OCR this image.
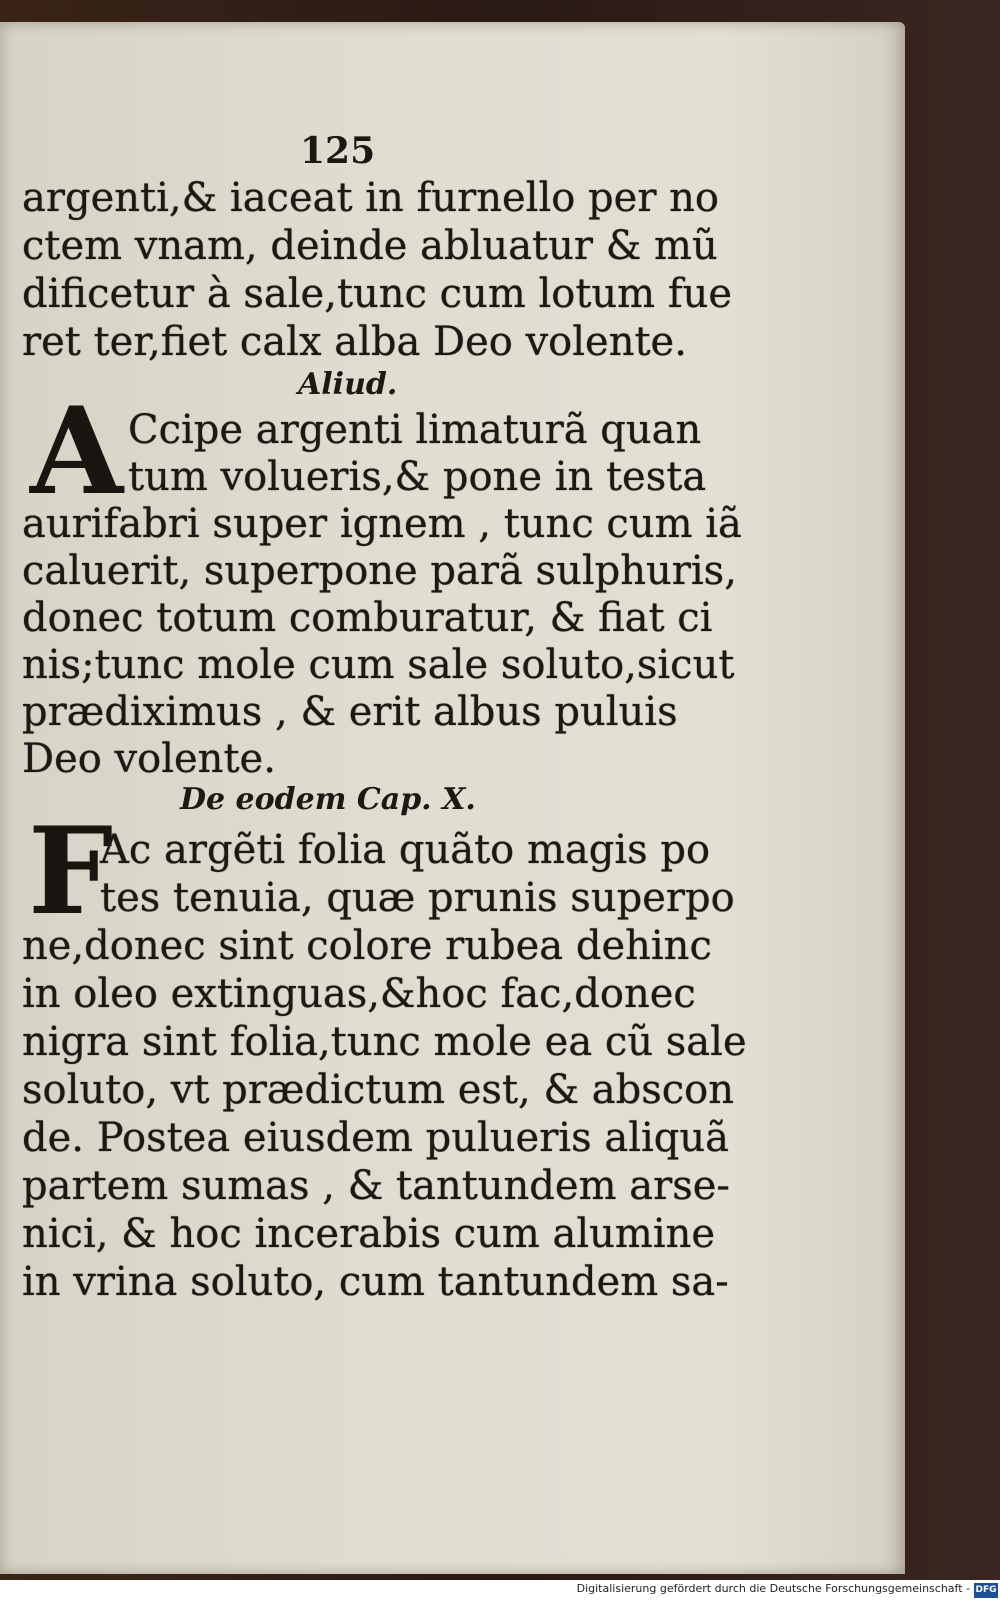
125
argenti,& iaceat in furnello per no
ctem vnam, deinde abluatur & mũ
dificetur à sale,tunc cum lotum fue
ret ter,fiet calx alba Deo volente.
Aliud.
A Ccipe argenti limaturã quan
tum volueris,& pone in testa
aurifabri super ignem , tunc cum iã
caluerit, superpone parã sulphuris,
donec totum comburatur, & fiat ci
nis;tunc mole cum sale soluto,sicut
prædiximus , & erit albus puluis
Deo volente.
De eodem Cap. X.
F
Ac argẽti folia quãto magis po
tes tenuia, quæ prunis superpo
ne,donec sint colore rubea dehinc
in oleo extinguas,&hoc fac,donec
nigra sint folia,tunc mole ea cũ sale
soluto, vt prædictum est, & abscon
de. Postea eiusdem pulueris aliquã
partem sumas , & tantundem arse-
nici, & hoc incerabis cum alumine
in vrina soluto, cum tantundem sa-
Digitalisierung gefördert durch die Deutsche Forschungsgemeinschaft - DFG
